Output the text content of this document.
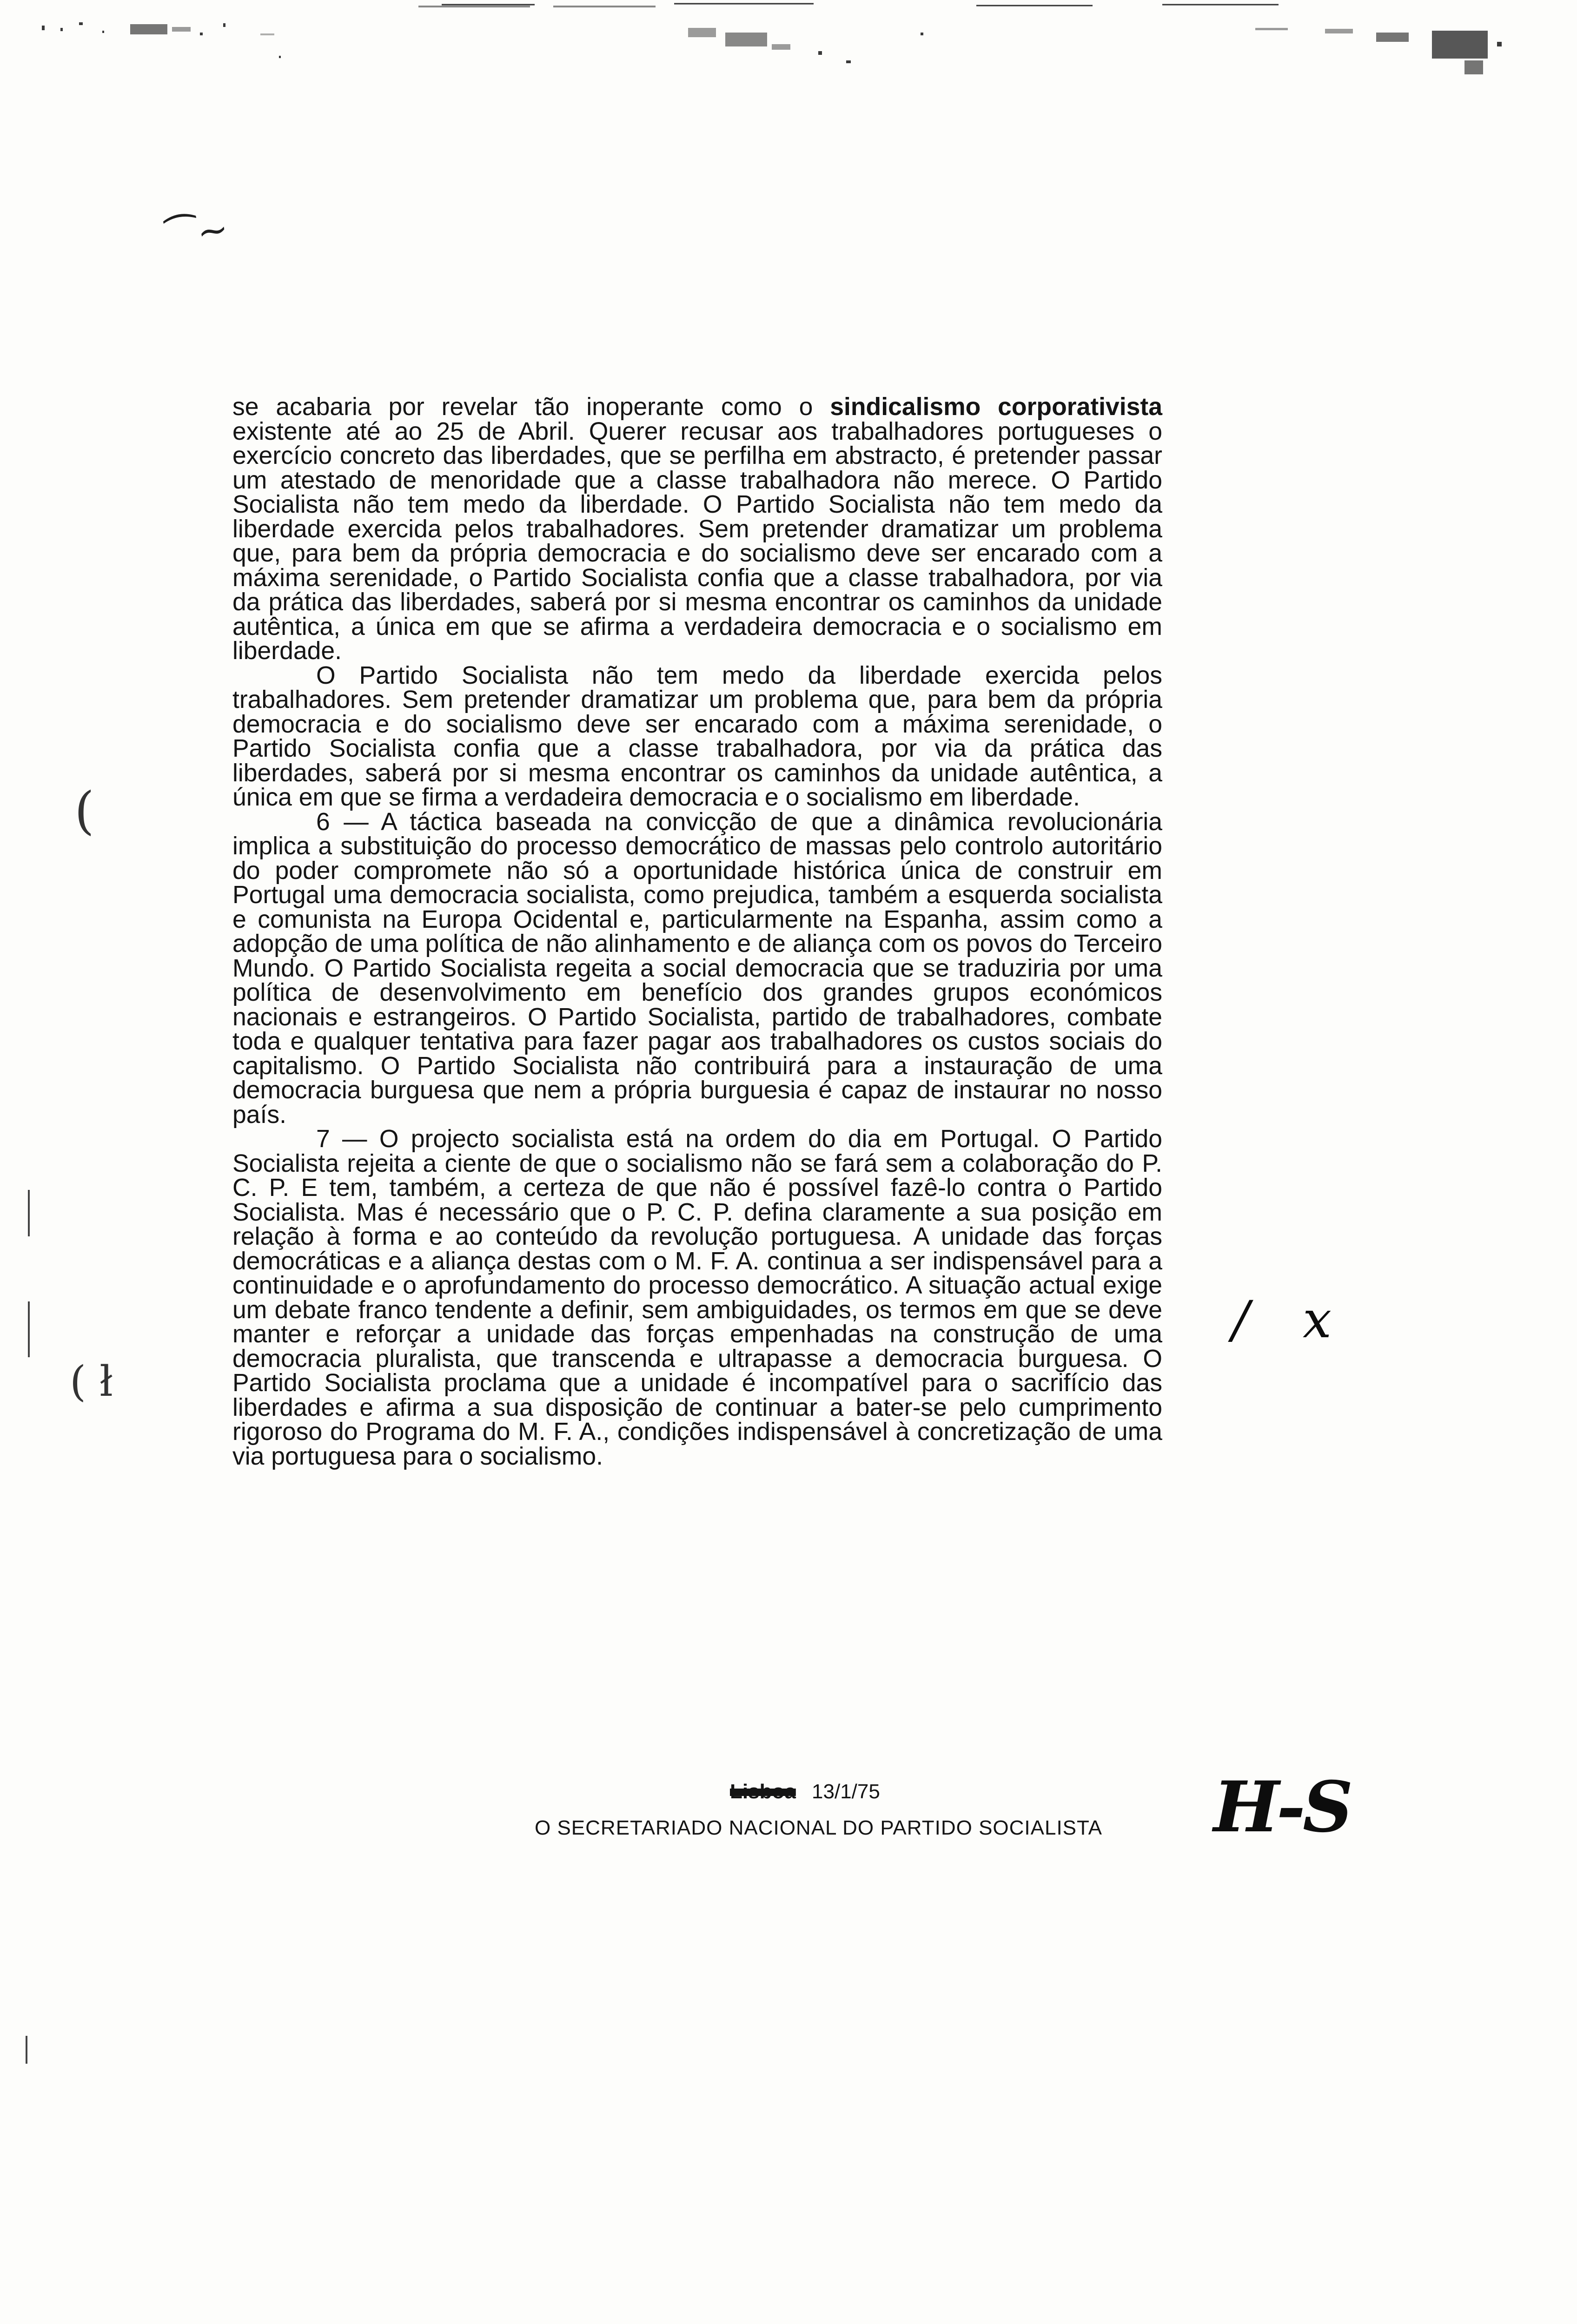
⁀~
(
( ł

se acabaria por revelar tão inoperante como o sindicalismo corporativista existente até ao 25 de Abril. Querer recusar aos trabalhadores portugueses o exercício concreto das liberdades, que se perfilha em abstracto, é pretender passar um atestado de menoridade que a classe trabalhadora não merece. O Partido Socialista não tem medo da liberdade. O Partido Socialista não tem medo da liberdade exercida pelos trabalhadores. Sem pretender dramatizar um problema que, para bem da própria democracia e do socialismo deve ser encarado com a máxima serenidade, o Partido Socialista confia que a classe trabalhadora, por via da prática das liberdades, saberá por si mesma encontrar os caminhos da unidade autêntica, a única em que se afirma a verdadeira democracia e o socialismo em liberdade.

O Partido Socialista não tem medo da liberdade exercida pelos trabalhadores. Sem pretender dramatizar um problema que, para bem da própria democracia e do socialismo deve ser encarado com a máxima serenidade, o Partido Socialista confia que a classe trabalhadora, por via da prática das liberdades, saberá por si mesma encontrar os caminhos da unidade autêntica, a única em que se firma a verdadeira democracia e o socialismo em liberdade.

6 — A táctica baseada na convicção de que a dinâmica revolucionária implica a substituição do processo democrático de massas pelo controlo autoritário do poder compromete não só a oportunidade histórica única de construir em Portugal uma democracia socialista, como prejudica, também a esquerda socialista e comunista na Europa Ocidental e, particularmente na Espanha, assim como a adopção de uma política de não alinhamento e de aliança com os povos do Terceiro Mundo. O Partido Socialista regeita a social democracia que se traduziria por uma política de desenvolvimento em benefício dos grandes grupos económicos nacionais e estrangeiros. O Partido Socialista, partido de trabalhadores, combate toda e qualquer tentativa para fazer pagar aos trabalhadores os custos sociais do capitalismo. O Partido Socialista não contribuirá para a instauração de uma democracia burguesa que nem a própria burguesia é capaz de instaurar no nosso país.

7 — O projecto socialista está na ordem do dia em Portugal. O Partido Socialista rejeita a ciente de que o socialismo não se fará sem a colaboração do P. C. P. E tem, também, a certeza de que não é possível fazê-lo contra o Partido Socialista. Mas é necessário que o P. C. P. defina claramente a sua posição em relação à forma e ao conteúdo da revolução portuguesa. A unidade das forças democráticas e a aliança destas com o M. F. A. continua a ser indispensável para a continuidade e o aprofundamento do processo democrático. A situação actual exige um debate franco tendente a definir, sem ambiguidades, os termos em que se deve manter e reforçar a unidade das forças empenhadas na construção de uma democracia pluralista, que transcenda e ultrapasse a democracia burguesa. O Partido Socialista proclama que a unidade é incompatível para o sacrifício das liberdades e afirma a sua disposição de continuar a bater-se pelo cumprimento rigoroso do Programa do M. F. A., condições indispensável à concretização de uma via portuguesa para o socialismo.

/ x
Lisboa 13/1/75	H-S
O SECRETARIADO NACIONAL DO PARTIDO SOCIALISTA
